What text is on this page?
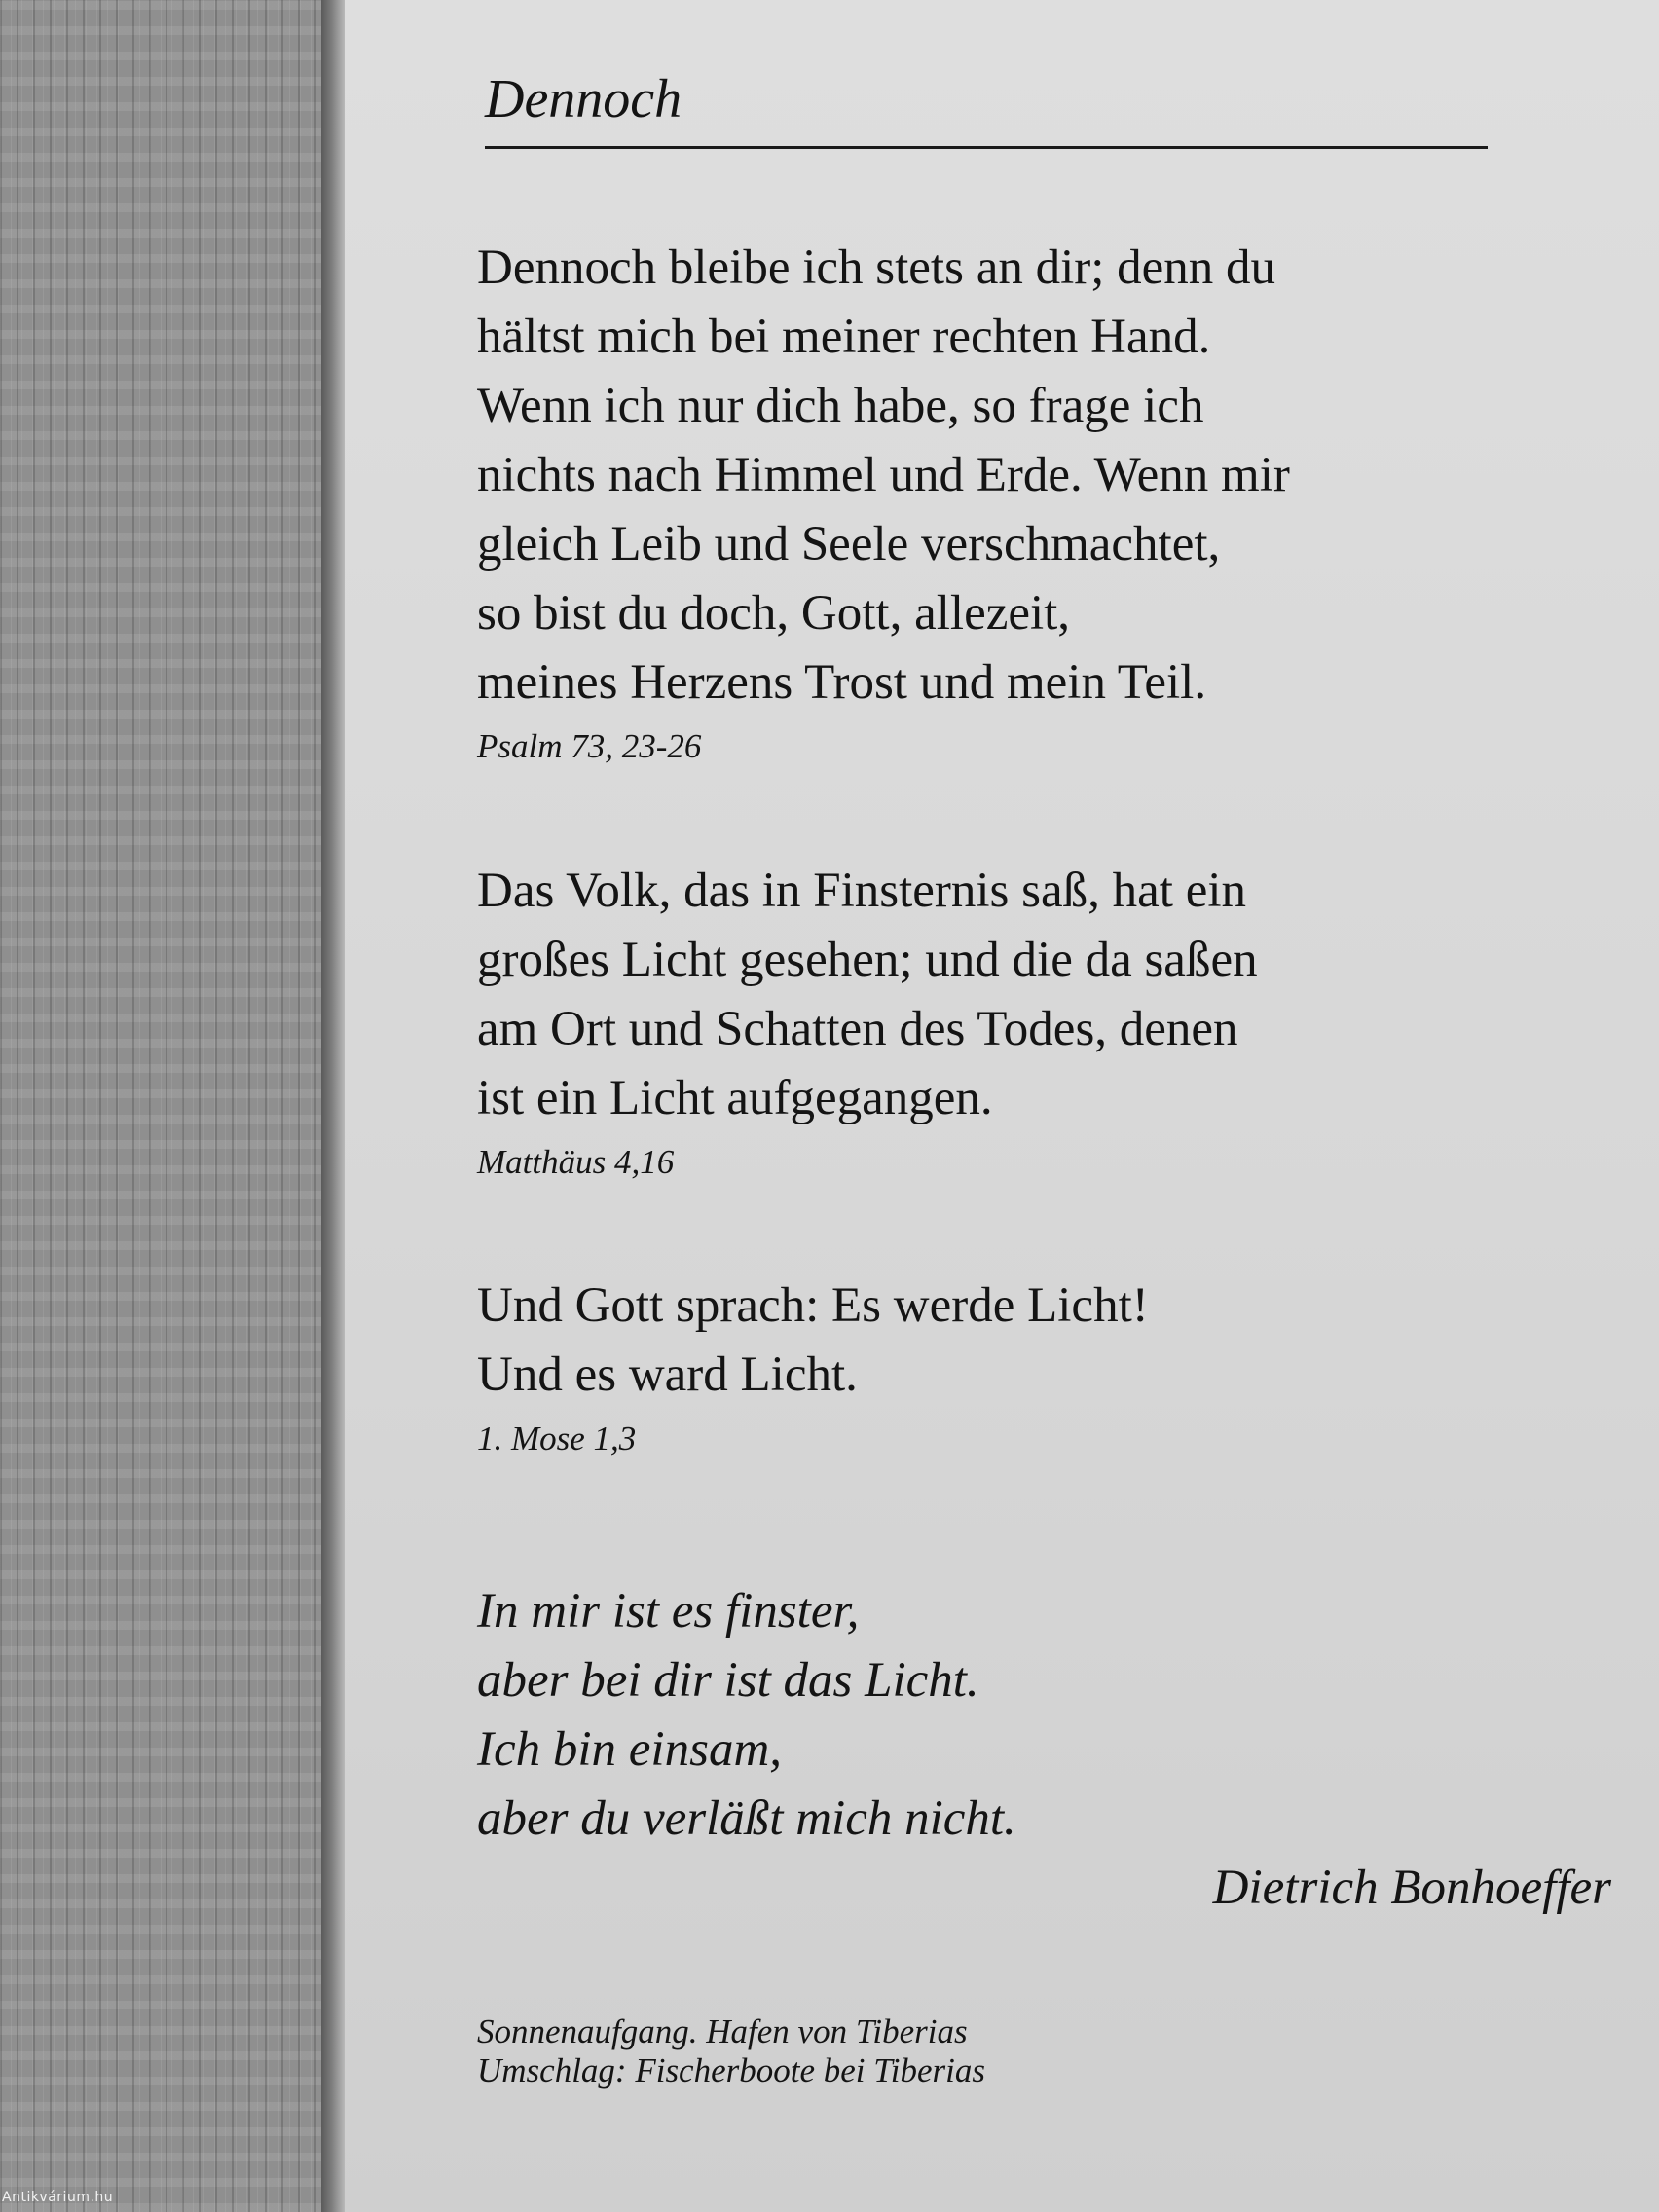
Dennoch
Dennoch bleibe ich stets an dir; denn du
hältst mich bei meiner rechten Hand.
Wenn ich nur dich habe, so frage ich
nichts nach Himmel und Erde. Wenn mir
gleich Leib und Seele verschmachtet,
so bist du doch, Gott, allezeit,
meines Herzens Trost und mein Teil.
Psalm 73, 23-26
Das Volk, das in Finsternis saß, hat ein
großes Licht gesehen; und die da saßen
am Ort und Schatten des Todes, denen
ist ein Licht aufgegangen.
Matthäus 4,16
Und Gott sprach: Es werde Licht!
Und es ward Licht.
1. Mose 1,3
In mir ist es finster,
aber bei dir ist das Licht.
Ich bin einsam,
aber du verläßt mich nicht.
Dietrich Bonhoeffer
Sonnenaufgang. Hafen von Tiberias
Umschlag: Fischerboote bei Tiberias
Antikvárium.hu
